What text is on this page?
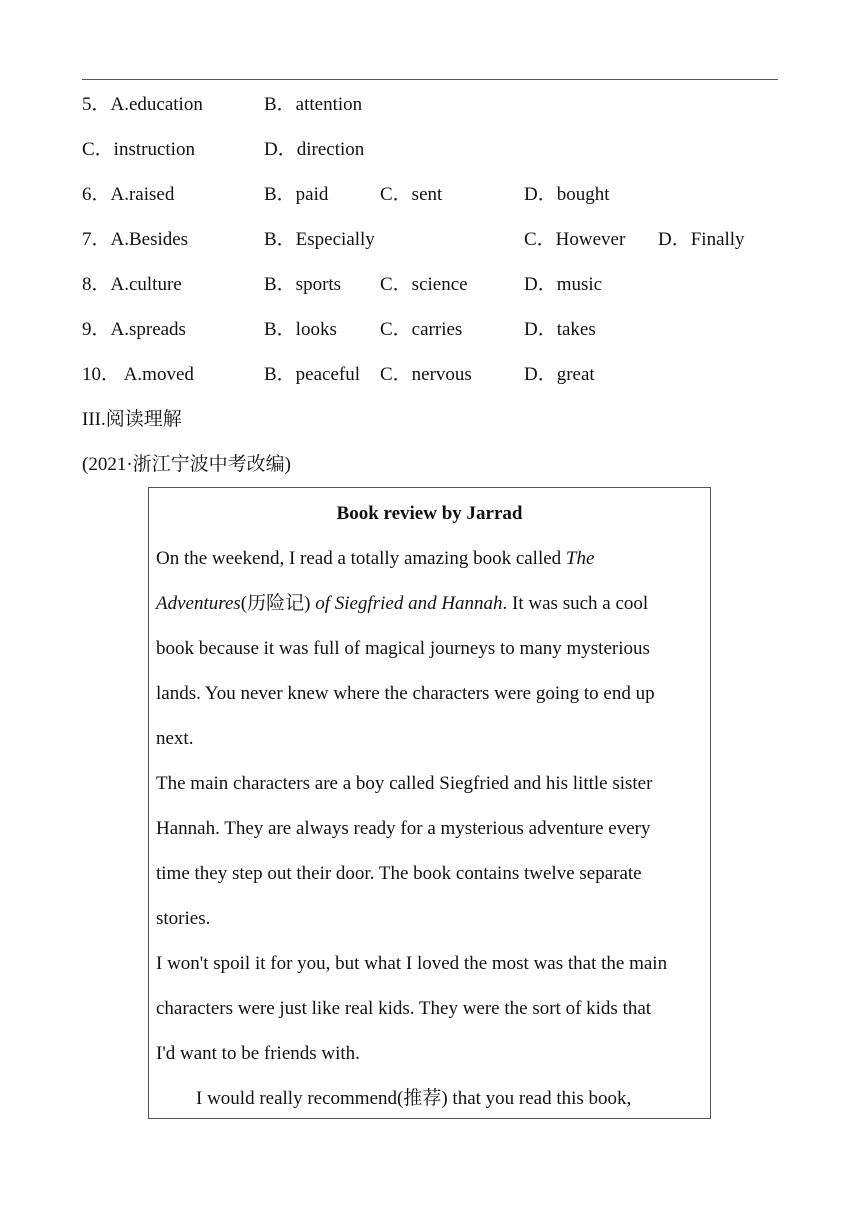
5．A.education	B．attention
C．instruction	D．direction
6．A.raised	B．paid	C．sent	D．bought
7．A.Besides	B．Especially	C．However D．Finally
8．A.culture	B．sports C．science	D．music
9．A.spreads	B．looks C．carries	D．takes
10． A.moved	B．peaceful C．nervous	D．great
III.阅读理解
(2021·浙江宁波中考改编)
Book review by Jarrad
On the weekend, I read a totally amazing book called The
Adventures(历险记) of Siegfried and Hannah. It was such a cool
book because it was full of magical journeys to many mysterious
lands. You never knew where the characters were going to end up
next.
The main characters are a boy called Siegfried and his little sister
Hannah. They are always ready for a mysterious adventure every
time they step out their door. The book contains twelve separate
stories.
I won't spoil it for you, but what I loved the most was that the main
characters were just like real kids. They were the sort of kids that
I'd want to be friends with.
I would really recommend(推荐) that you read this book,
